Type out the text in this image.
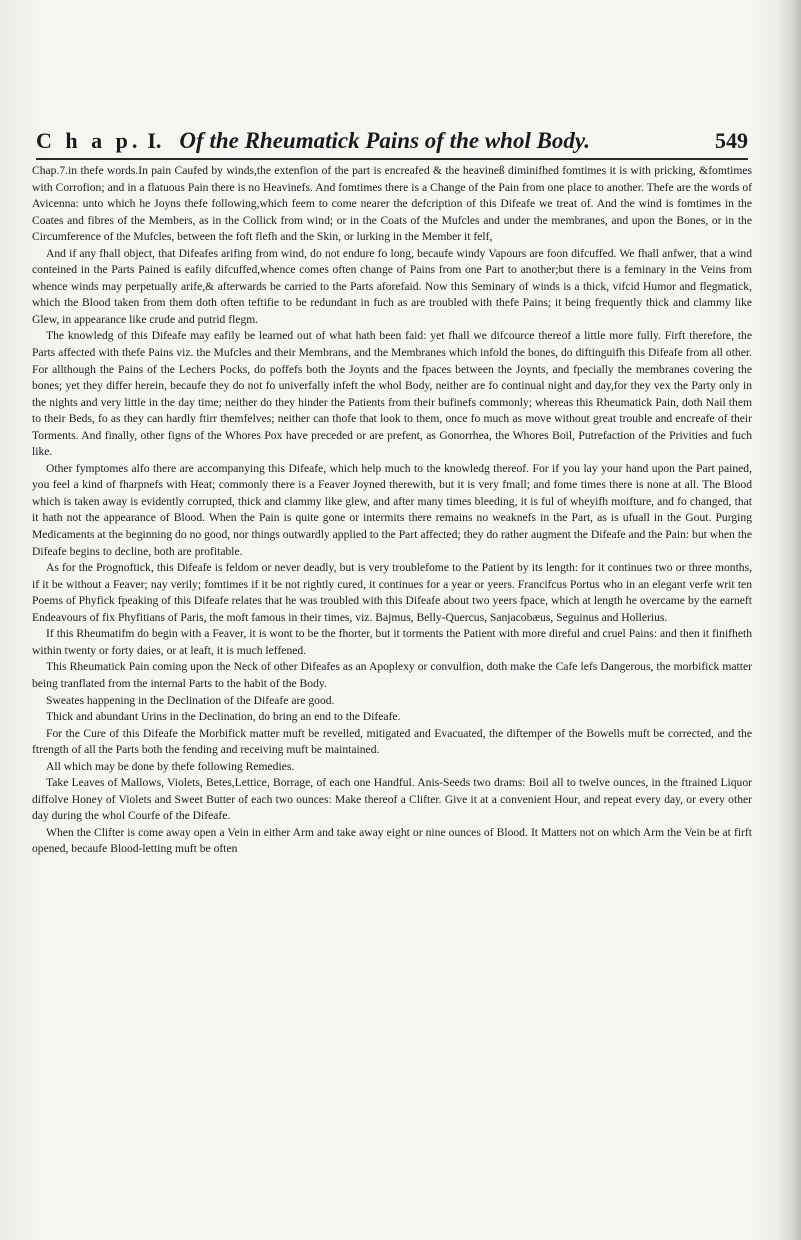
C h a p. I. Of the Rheumatick Pains of the whol Body.	549

Chap.7.in thefe words.In pain Caufed by winds,the extenfion of the part is encreafed & the heavineß diminifhed fomtimes it is with pricking, &fomtimes with Corrofion; and in a flatuous Pain there is no Heavinefs. And fomtimes there is a Change of the Pain from one place to another. Thefe are the words of Avicenna: unto which he Joyns thefe following,which feem to come nearer the defcription of this Difeafe we treat of. And the wind is fomtimes in the Coates and fibres of the Members, as in the Collick from wind; or in the Coats of the Mufcles and under the membranes, and upon the Bones, or in the Circumference of the Mufcles, between the foft flefh and the Skin, or lurking in the Member it felf,

And if any fhall object, that Difeafes arifing from wind, do not endure fo long, becaufe windy Vapours are foon difcuffed. We fhall anfwer, that a wind conteined in the Parts Pained is eafily difcuffed,whence comes often change of Pains from one Part to another;but there is a feminary in the Veins from whence winds may perpetually arife,& afterwards be carried to the Parts aforefaid. Now this Seminary of winds is a thick, vifcid Humor and flegmatick, which the Blood taken from them doth often teftifie to be redundant in fuch as are troubled with thefe Pains; it being frequently thick and clammy like Glew, in appearance like crude and putrid flegm.

The knowledg of this Difeafe may eafily be learned out of what hath been faid: yet fhall we difcource thereof a little more fully. Firft therefore, the Parts affected with thefe Pains viz. the Mufcles and their Membrans, and the Membranes which infold the bones, do diftinguifh this Difeafe from all other. For allthough the Pains of the Lechers Pocks, do poffefs both the Joynts and the fpaces between the Joynts, and fpecially the membranes covering the bones; yet they differ herein, becaufe they do not fo univerfally infeft the whol Body, neither are fo continual night and day,for they vex the Party only in the nights and very little in the day time; neither do they hinder the Patients from their bufinefs commonly; whereas this Rheumatick Pain, doth Nail them to their Beds, fo as they can hardly ftirr themfelves; neither can thofe that look to them, once fo much as move without great trouble and encreafe of their Torments. And finally, other figns of the Whores Pox have preceded or are prefent, as Gonorrhea, the Whores Boil, Putrefaction of the Privities and fuch like.

Other fymptomes alfo there are accompanying this Difeafe, which help much to the knowledg thereof. For if you lay your hand upon the Part pained, you feel a kind of fharpnefs with Heat; commonly there is a Feaver Joyned therewith, but it is very fmall; and fome times there is none at all. The Blood which is taken away is evidently corrupted, thick and clammy like glew, and after many times bleeding, it is ful of wheyifh moifture, and fo changed, that it hath not the appearance of Blood. When the Pain is quite gone or intermits there remains no weaknefs in the Part, as is ufuall in the Gout. Purging Medicaments at the beginning do no good, nor things outwardly applied to the Part affected; they do rather augment the Difeafe and the Pain: but when the Difeafe begins to decline, both are profitable.

As for the Prognoftick, this Difeafe is feldom or never deadly, but is very troublefome to the Patient by its length: for it continues two or three months, if it be without a Feaver; nay verily; fomtimes if it be not rightly cured, it continues for a year or yeers. Francifcus Portus who in an elegant verfe writ ten Poems of Phyfick fpeaking of this Difeafe relates that he was troubled with this Difeafe about two yeers fpace, which at length he overcame by the earneft Endeavours of fix Phyfitians of Paris, the moft famous in their times, viz. Bajmus, Belly-Quercus, Sanjacobæus, Seguinus and Hollerius.

If this Rheumatifm do begin with a Feaver, it is wont to be the fhorter, but it torments the Patient with more direful and cruel Pains: and then it finifheth within twenty or forty daies, or at leaft, it is much leffened.

This Rheumatick Pain coming upon the Neck of other Difeafes as an Apoplexy or convulfion, doth make the Cafe lefs Dangerous, the morbifick matter being tranflated from the internal Parts to the habit of the Body.

Sweates happening in the Declination of the Difeafe are good.

Thick and abundant Urins in the Declination, do bring an end to the Difeafe.

For the Cure of this Difeafe the Morbifick matter muft be revelled, mitigated and Evacuated, the diftemper of the Bowells muft be corrected, and the ftrength of all the Parts both the fending and receiving muft be maintained.

All which may be done by thefe following Remedies.

Take Leaves of Mallows, Violets, Betes,Lettice, Borrage, of each one Handful. Anis-Seeds two drams: Boil all to twelve ounces, in the ftrained Liquor diffolve Honey of Violets and Sweet Butter of each two ounces: Make thereof a Clifter. Give it at a convenient Hour, and repeat every day, or every other day during the whol Courfe of the Difeafe.

When the Clifter is come away open a Vein in either Arm and take away eight or nine ounces of Blood. It Matters not on which Arm the Vein be at firft opened, becaufe Blood-letting muft be often
